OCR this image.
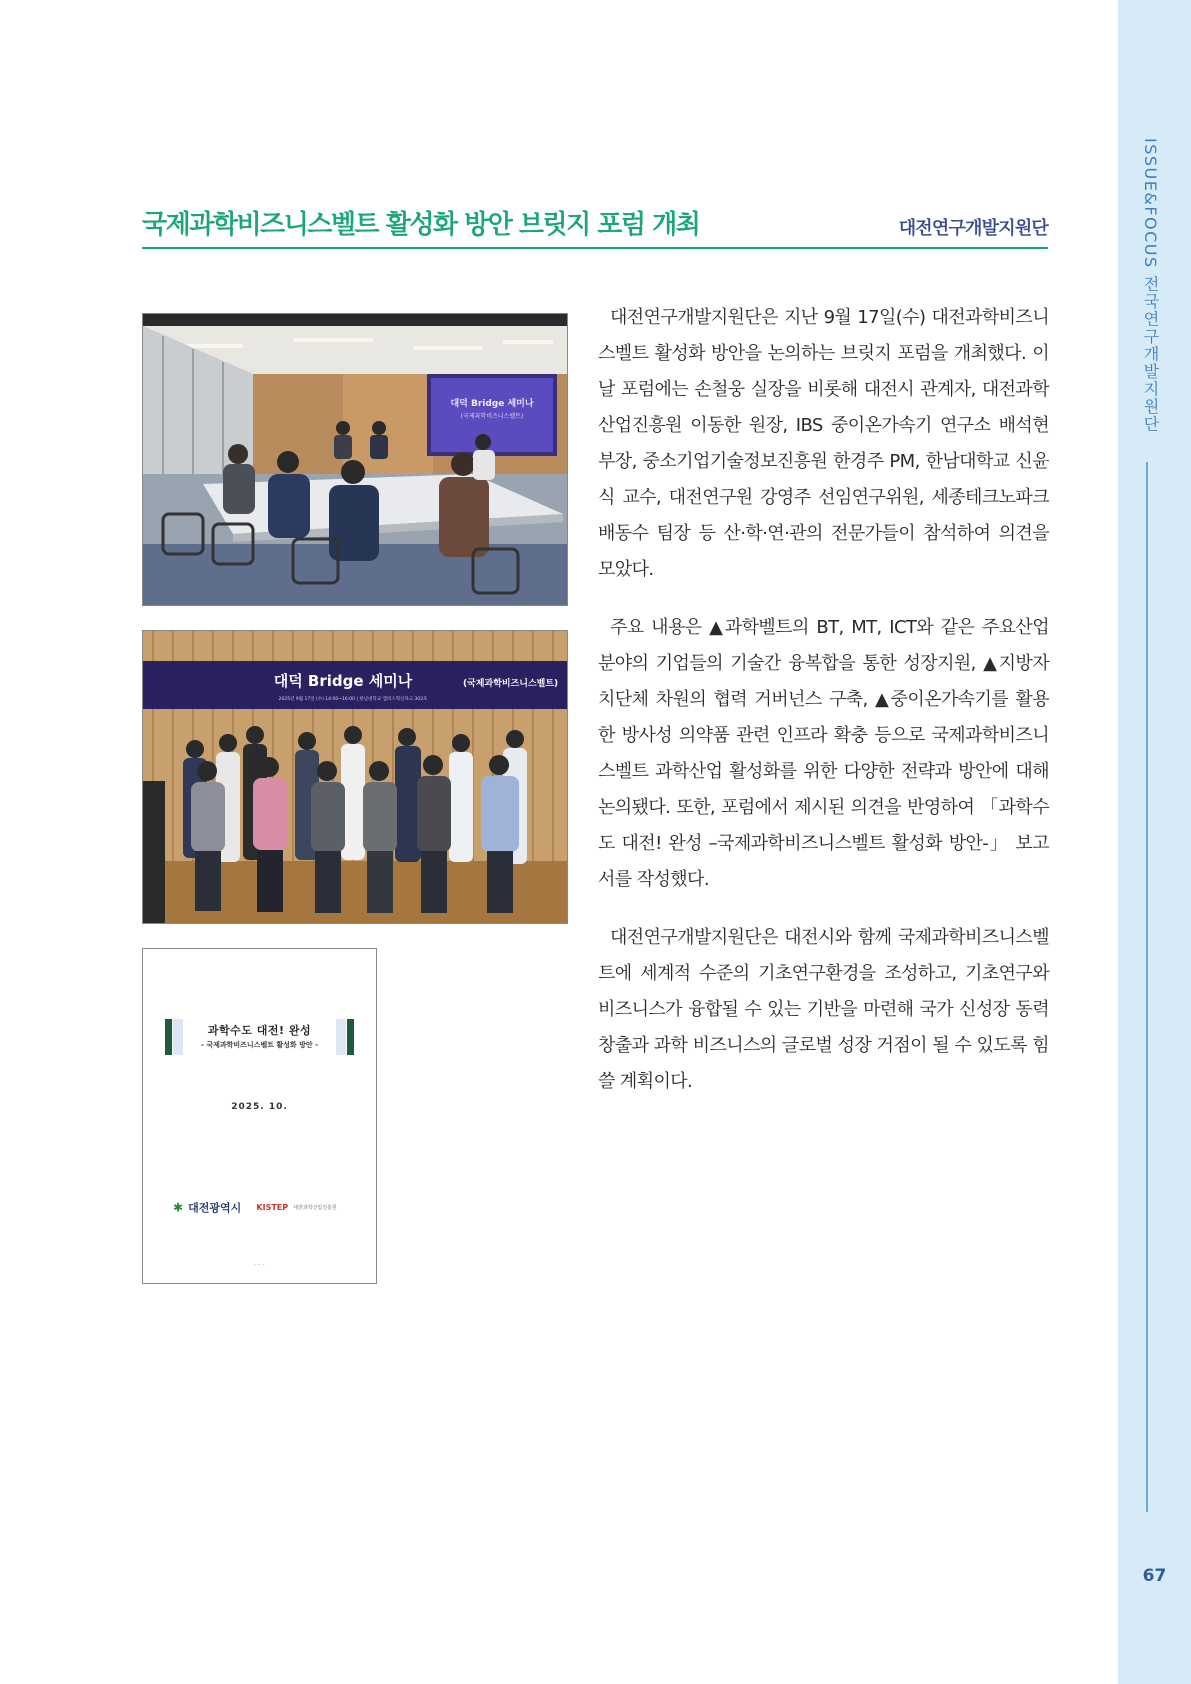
ISSUE&FOCUS 전국연구개발지원단
67
국제과학비즈니스벨트 활성화 방안 브릿지 포럼 개최	대전연구개발지원단
대덕 Bridge 세미나
(국제과학비즈니스벨트)
대덕 Bridge 세미나	(국제과학비즈니스벨트)
2025년 9월 17일 (수) 14:00~16:00 | 한남대학교 캠퍼스혁신파크 303호
과학수도 대전! 완성
- 국제과학비즈니스벨트 활성화 방안 -
2025. 10.
✱ 대전광역시 KISTEP 대전과학산업진흥원
- - -

대전연구개발지원단은 지난 9월 17일(수) 대전과학비즈니스벨트 활성화 방안을 논의하는 브릿지 포럼을 개최했다. 이날 포럼에는 손철웅 실장을 비롯해 대전시 관계자, 대전과학산업진흥원 이동한 원장, IBS 중이온가속기 연구소 배석현 부장, 중소기업기술정보진흥원 한경주 PM, 한남대학교 신윤식 교수, 대전연구원 강영주 선임연구위원, 세종테크노파크 배동수 팀장 등 산·학·연·관의 전문가들이 참석하여 의견을 모았다.

주요 내용은 ▲과학벨트의 BT, MT, ICT와 같은 주요산업 분야의 기업들의 기술간 융복합을 통한 성장지원, ▲지방자치단체 차원의 협력 거버넌스 구축, ▲중이온가속기를 활용한 방사성 의약품 관련 인프라 확충 등으로 국제과학비즈니스벨트 과학산업 활성화를 위한 다양한 전략과 방안에 대해 논의됐다. 또한, 포럼에서 제시된 의견을 반영하여 「과학수도 대전! 완성 –국제과학비즈니스벨트 활성화 방안-」 보고서를 작성했다.

대전연구개발지원단은 대전시와 함께 국제과학비즈니스벨트에 세계적 수준의 기초연구환경을 조성하고, 기초연구와 비즈니스가 융합될 수 있는 기반을 마련해 국가 신성장 동력 창출과 과학 비즈니스의 글로벌 성장 거점이 될 수 있도록 힘쓸 계획이다.
